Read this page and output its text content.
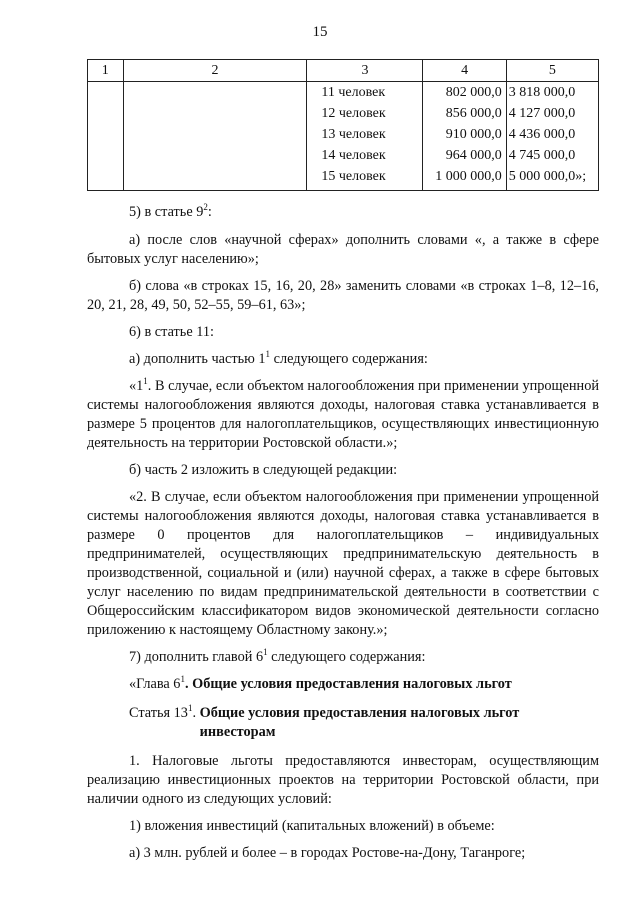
15
1	2	3	4	5
		11 человек	802 000,0	3 818 000,0
		12 человек	856 000,0	4 127 000,0
		13 человек	910 000,0	4 436 000,0
		14 человек	964 000,0	4 745 000,0
		15 человек	1 000 000,0	5 000 000,0»;

5) в статье $9^2$:

а) после слов «научной сферах» дополнить словами «, а также в сфере бытовых услуг населению»;

б) слова «в строках 15, 16, 20, 28» заменить словами «в строках 1–8, 12–16, 20, 21, 28, 49, 50, 52–55, 59–61, 63»;

6) в статье 11:

а) дополнить частью $1^1$ следующего содержания:

«$1^1$. В случае, если объектом налогообложения при применении упрощенной системы налогообложения являются доходы, налоговая ставка устанавливается в размере 5 процентов для налогоплательщиков, осуществляющих инвестиционную деятельность на территории Ростовской области.»;

б) часть 2 изложить в следующей редакции:

«2. В случае, если объектом налогообложения при применении упрощенной системы налогообложения являются доходы, налоговая ставка устанавливается в размере 0 процентов для налогоплательщиков – индивидуальных предпринимателей, осуществляющих предпринимательскую деятельность в производственной, социальной и (или) научной сферах, а также в сфере бытовых услуг населению по видам предпринимательской деятельности в соответствии с Общероссийским классификатором видов экономической деятельности согласно приложению к настоящему Областному закону.»;

7) дополнить главой $6^1$ следующего содержания:

«Глава $6^1$. Общие условия предоставления налоговых льгот

Статья $13^1$. Общие условия предоставления налоговых льгот инвесторам

1. Налоговые льготы предоставляются инвесторам, осуществляющим реализацию инвестиционных проектов на территории Ростовской области, при наличии одного из следующих условий:

1) вложения инвестиций (капитальных вложений) в объеме:

а) 3 млн. рублей и более – в городах Ростове-на-Дону, Таганроге;
